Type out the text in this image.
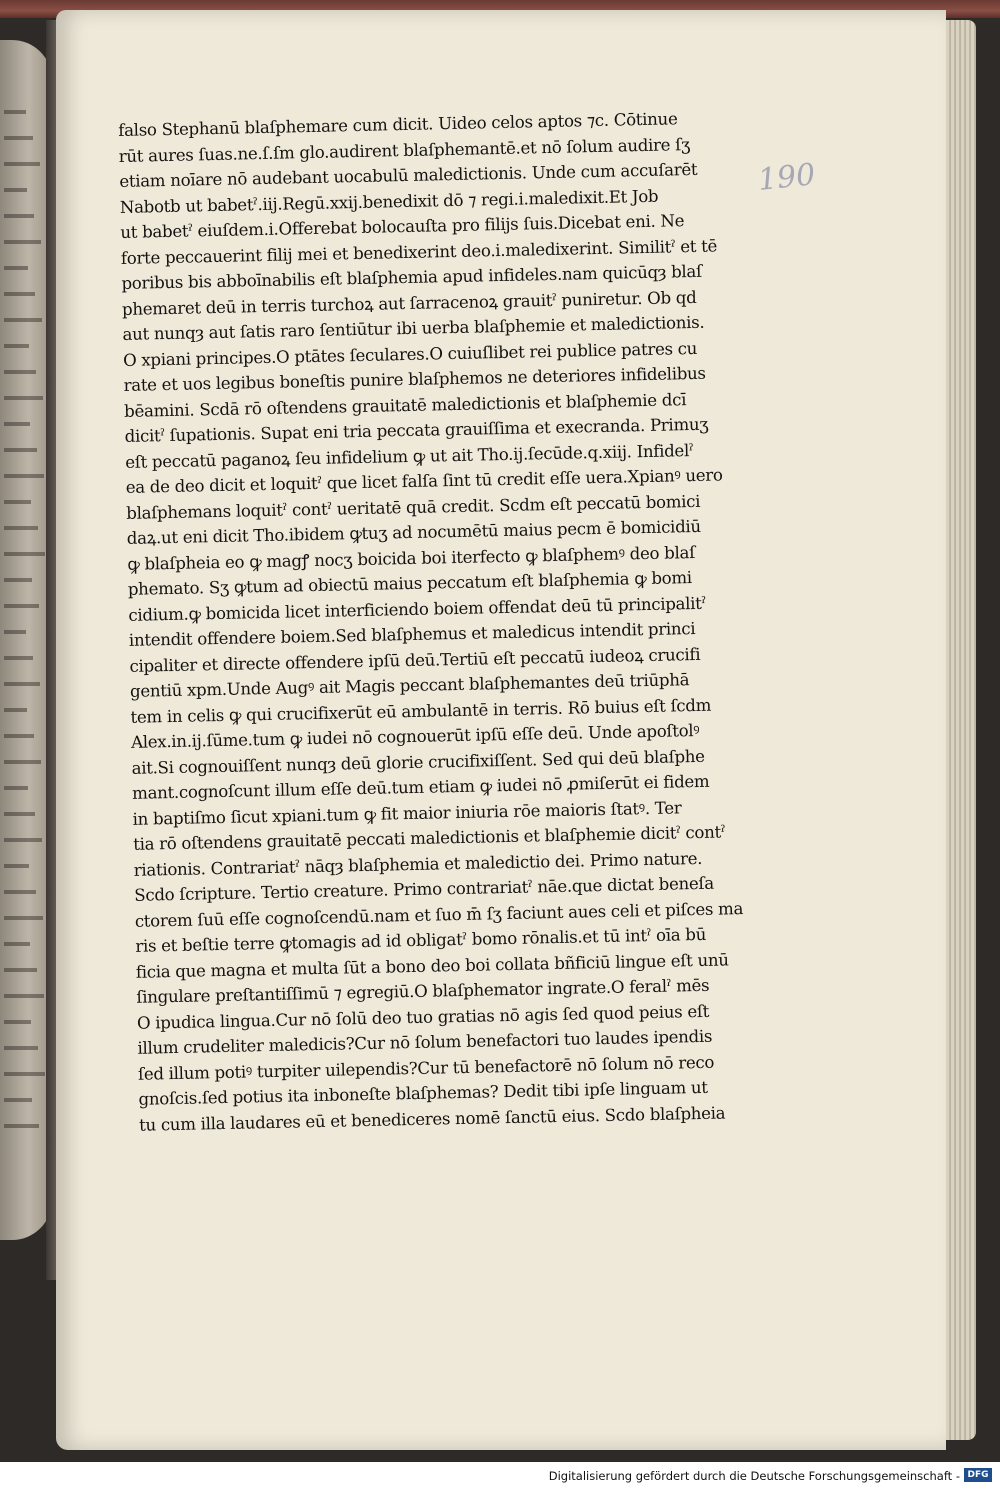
190
falso Stephanū blaſphemare cum dicit. Uideo celos aptos ⁊c. Cōtinue
rūt aures ſuas.ne.ſ.ſm glo.audirent blaſphemantē.et nō ſolum audire ſʒ
etiam noīare nō audebant uocabulū maledictionis. Unde cum accuſarēt
Nabotb ut babetˀ.iij.Regū.xxij.benedixit dō ⁊ regi.i.maledixit.Et Job
ut babetˀ eiuſdem.i.Offerebat bolocauſta pro filijs ſuis.Dicebat eni. Ne
forte peccauerint filij mei et benedixerint deo.i.maledixerint. Similitˀ et tē
poribus bis abboīnabilis eſt blaſphemia apud infideles.nam quicūqȝ blaſ
phemaret deū in terris turchoꝝ aut ſarracenoꝝ grauitˀ puniretur. Ob qd
aut nunqȝ aut ſatis raro ſentiūtur ibi uerba blaſphemie et maledictionis.
O xpiani principes.O ptātes ſeculares.O cuiuſlibet rei publice patres cu
rate et uos legibus boneſtis punire blaſphemos ne deteriores infidelibus
bēamini. Scdā rō oſtendens grauitatē maledictionis et blaſphemie dcī
dicitˀ ſupationis. Supat eni tria peccata grauiſſima et execranda. Primuʒ
eſt peccatū paganoꝝ ſeu infidelium ꝙ ut ait Tho.ij.ſecūde.q.xiij. Infidelˀ
ea de deo dicit et loquitˀ que licet falſa ſint tū credit eſſe uera.Xpianꝰ uero
blaſphemans loquitˀ contˀ ueritatē quā credit. Scdm eſt peccatū bomici
daꝝ.ut eni dicit Tho.ibidem ꝙtuʒ ad nocumētū maius pecm ē bomicidiū
ꝙ blaſpheia eo ꝙ magꝭ nocʒ boicida boi iterfecto ꝙ blaſphemꝰ deo blaſ
phemato. Sʒ ꝙtum ad obiectū maius peccatum eſt blaſphemia ꝙ bomi
cidium.ꝙ bomicida licet interficiendo boiem offendat deū tū principalitˀ
intendit offendere boiem.Sed blaſphemus et maledicus intendit princi
cipaliter et directe offendere ipſū deū.Tertiū eſt peccatū iudeoꝝ crucifi
gentiū xpm.Unde Augꝰ ait Magis peccant blaſphemantes deū triūphā
tem in celis ꝙ qui crucifixerūt eū ambulantē in terris. Rō buius eſt ſcdm
Alex.in.ij.ſūme.tum ꝙ iudei nō cognouerūt ipſū eſſe deū. Unde apoſtolꝰ
ait.Si cognouiſſent nunqȝ deū glorie crucifixiſſent. Sed qui deū blaſphe
mant.cognoſcunt illum eſſe deū.tum etiam ꝙ iudei nō ꝓmiſerūt ei fidem
in baptiſmo ſicut xpiani.tum ꝙ fit maior iniuria rōe maioris ſtatꝰ. Ter
tia rō oſtendens grauitatē peccati maledictionis et blaſphemie dicitˀ contˀ
riationis. Contrariatˀ nāqȝ blaſphemia et maledictio dei. Primo nature.
Scdo ſcripture. Tertio creature. Primo contrariatˀ nāe.que dictat beneſa
ctorem ſuū eſſe cognoſcendū.nam et ſuo m̄ ſʒ faciunt aues celi et piſces ma
ris et beſtie terre ꝙtomagis ad id obligatˀ bomo rōnalis.et tū intˀ oīa bū
ficia que magna et multa ſūt a bono deo boi collata bñficiū lingue eſt unū
ſingulare preſtantiſſimū ⁊ egregiū.O blaſphemator ingrate.O feralˀ mēs
O ipudica lingua.Cur nō ſolū deo tuo gratias nō agis ſed quod peius eſt
illum crudeliter maledicis?Cur nō ſolum benefactori tuo laudes ipendis
ſed illum potiꝰ turpiter uilependis?Cur tū benefactorē nō ſolum nō reco
gnoſcis.ſed potius ita inboneſte blaſphemas? Dedit tibi ipſe linguam ut
tu cum illa laudares eū et benediceres nomē ſanctū eius. Scdo blaſpheia
Digitalisierung gefördert durch die Deutsche Forschungsgemeinschaft - DFG
